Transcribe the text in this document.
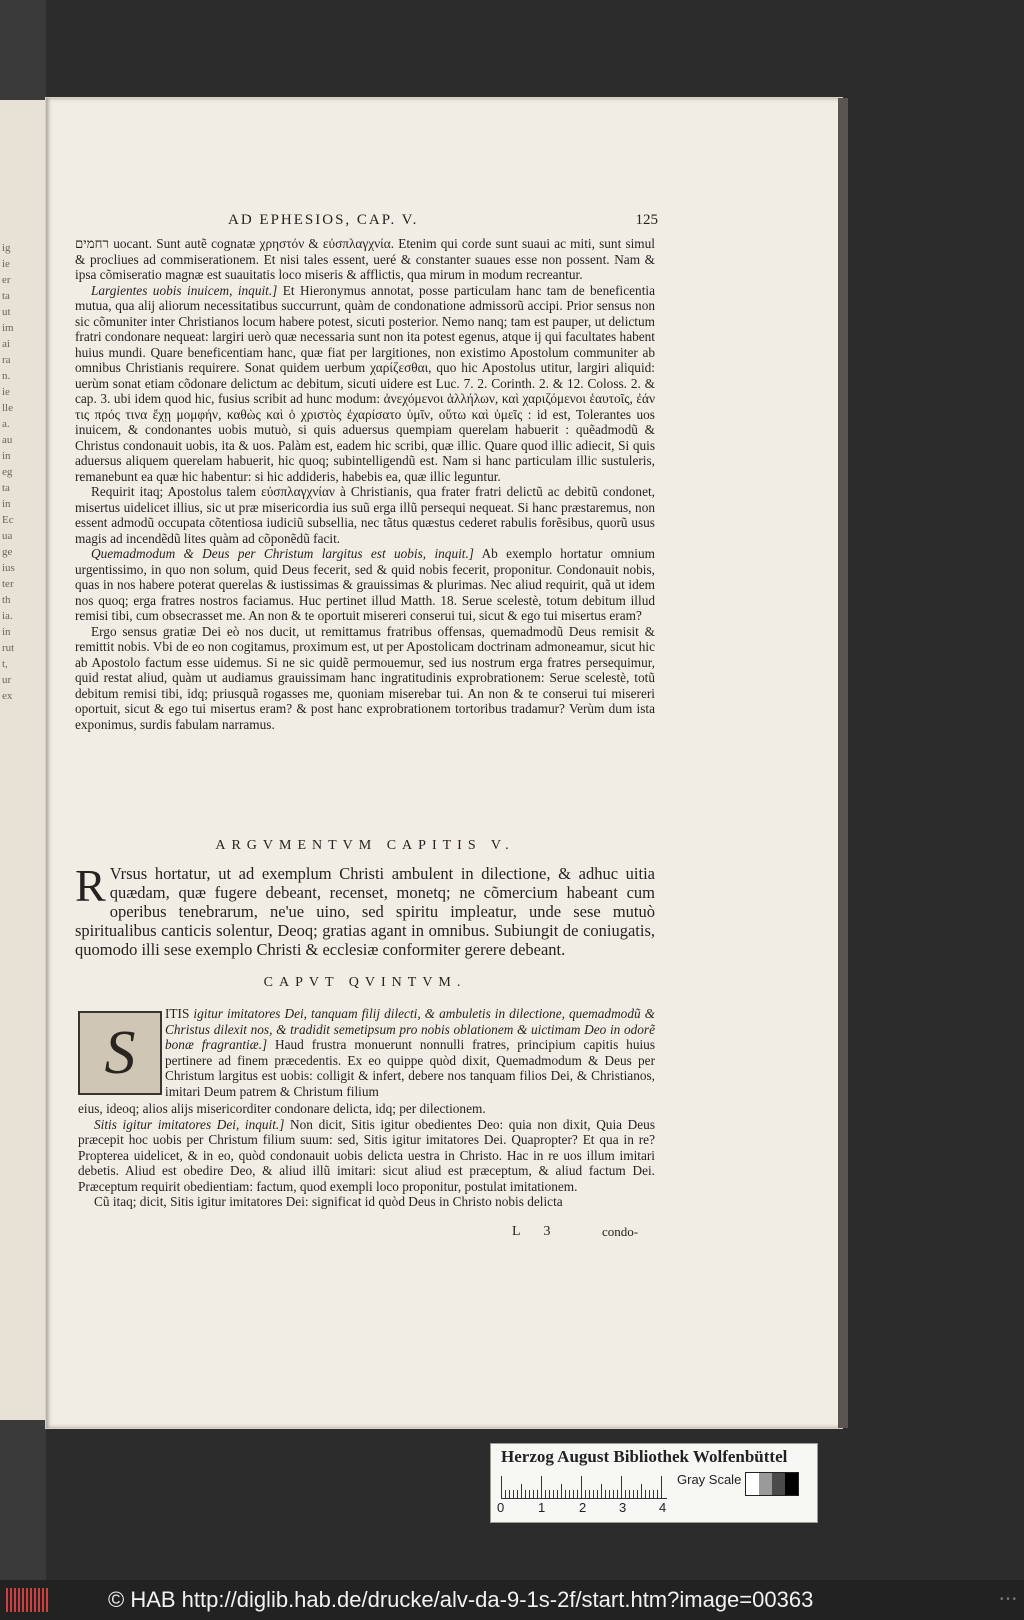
ig
ie
er
ta
ut
im
ai
ra
n.
ie
lle
a.
au
in
eg
ta
in
Ec
ua
ge
ius
ter
th
ia.
in
rut
t,
ur
ex
AD EPHESIOS, CAP. V.	125

רחמים uocant. Sunt autẽ cognatæ χρηστόν & εὐσπλαγχνία. Etenim qui corde sunt suaui ac miti, sunt simul & procliues ad commiserationem. Et nisi tales essent, ueré & constanter suaues esse non possent. Nam & ipsa cõmiseratio magnæ est suauitatis loco miseris & afflictis, qua mirum in modum recreantur.

Largientes uobis inuicem, inquit.] Et Hieronymus annotat, posse particulam hanc tam de beneficentia mutua, qua alij aliorum necessitatibus succurrunt, quàm de condonatione admissorũ accipi. Prior sensus non sic cõmuniter inter Christianos locum habere potest, sicuti posterior. Nemo nanq; tam est pauper, ut delictum fratri condonare nequeat: largiri uerò quæ necessaria sunt non ita potest egenus, atque ij qui facultates habent huius mundi. Quare beneficentiam hanc, quæ fiat per largitiones, non existimo Apostolum communiter ab omnibus Christianis requirere. Sonat quidem uerbum χαρίζεσθαι, quo hic Apostolus utitur, largiri aliquid: uerùm sonat etiam cõdonare delictum ac debitum, sicuti uidere est Luc. 7. 2. Corinth. 2. & 12. Coloss. 2. & cap. 3. ubi idem quod hic, fusius scribit ad hunc modum: ἀνεχόμενοι ἀλλήλων, καὶ χαριζόμενοι ἑαυτοῖς, ἐάν τις πρός τινα ἔχῃ μομφήν, καθὼς καὶ ὁ χριστὸς ἐχαρίσατο ὑμῖν, οὕτω καὶ ὑμεῖς : id est, Tolerantes uos inuicem, & condonantes uobis mutuò, si quis aduersus quempiam querelam habuerit : quẽadmodũ & Christus condonauit uobis, ita & uos. Palàm est, eadem hic scribi, quæ illic. Quare quod illic adiecit, Si quis aduersus aliquem querelam habuerit, hic quoq; subintelligendũ est. Nam si hanc particulam illic sustuleris, remanebunt ea quæ hic habentur: si hic addideris, habebis ea, quæ illic leguntur.

Requirit itaq; Apostolus talem εὐσπλαγχνίαν à Christianis, qua frater fratri delictũ ac debitũ condonet, misertus uidelicet illius, sic ut præ misericordia ius suũ erga illũ persequi nequeat. Si hanc præstaremus, non essent admodũ occupata cõtentiosa iudiciũ subsellia, nec tãtus quæstus cederet rabulis forẽsibus, quorũ usus magis ad incendẽdũ lites quàm ad cõponẽdũ facit.

Quemadmodum & Deus per Christum largitus est uobis, inquit.] Ab exemplo hortatur omnium urgentissimo, in quo non solum, quid Deus fecerit, sed & quid nobis fecerit, proponitur. Condonauit nobis, quas in nos habere poterat querelas & iustissimas & grauissimas & plurimas. Nec aliud requirit, quã ut idem nos quoq; erga fratres nostros faciamus. Huc pertinet illud Matth. 18. Serue scelestè, totum debitum illud remisi tibi, cum obsecrasset me. An non & te oportuit misereri conserui tui, sicut & ego tui misertus eram?

Ergo sensus gratiæ Dei eò nos ducit, ut remittamus fratribus offensas, quemadmodũ Deus remisit & remittit nobis. Vbi de eo non cogitamus, proximum est, ut per Apostolicam doctrinam admoneamur, sicut hic ab Apostolo factum esse uidemus. Si ne sic quidẽ permouemur, sed ius nostrum erga fratres persequimur, quid restat aliud, quàm ut audiamus grauissimam hanc ingratitudinis exprobrationem: Serue scelestè, totũ debitum remisi tibi, idq; priusquã rogasses me, quoniam miserebar tui. An non & te conserui tui misereri oportuit, sicut & ego tui misertus eram? & post hanc exprobrationem tortoribus tradamur? Verùm dum ista exponimus, surdis fabulam narramus.

ARGVMENTVM CAPITIS V.
R Vrsus hortatur, ut ad exemplum Christi ambulent in dilectione, & adhuc uitia quædam, quæ fugere debeant, recenset, monetq; ne cõmercium habeant cum operibus tenebrarum, ne'ue uino, sed spiritu impleatur, unde sese mutuò spiritualibus canticis solentur, Deoq; gratias agant in omnibus. Subiungit de coniugatis, quomodo illi sese exemplo Christi & ecclesiæ conformiter gerere debeant.
CAPVT QVINTVM.
S
ITIS igitur imitatores Dei, tanquam filij dilecti, & ambuletis in dilectione, quemadmodũ & Christus dilexit nos, & tradidit semetipsum pro nobis oblationem & uictimam Deo in odorẽ bonæ fragrantiæ.] Haud frustra monuerunt nonnulli fratres, principium capitis huius pertinere ad finem præcedentis. Ex eo quippe quòd dixit, Quemadmodum & Deus per Christum largitus est uobis: colligit & infert, debere nos tanquam filios Dei, & Christianos, imitari Deum patrem & Christum filium

eius, ideoq; alios alijs misericorditer condonare delicta, idq; per dilectionem.

Sitis igitur imitatores Dei, inquit.] Non dicit, Sitis igitur obedientes Deo: quia non dixit, Quia Deus præcepit hoc uobis per Christum filium suum: sed, Sitis igitur imitatores Dei. Quapropter? Et qua in re? Propterea uidelicet, & in eo, quòd condonauit uobis delicta uestra in Christo. Hac in re uos illum imitari debetis. Aliud est obedire Deo, & aliud illũ imitari: sicut aliud est præceptum, & aliud factum Dei. Præceptum requirit obedientiam: factum, quod exempli loco proponitur, postulat imitationem.

Cũ itaq; dicit, Sitis igitur imitatores Dei: significat id quòd Deus in Christo nobis delicta

L 3	condo-
Herzog August Bibliothek Wolfenbüttel
0	1	2	3	4
Gray Scale
© HAB http://diglib.hab.de/drucke/alv-da-9-1s-2f/start.htm?image=00363	• • •
